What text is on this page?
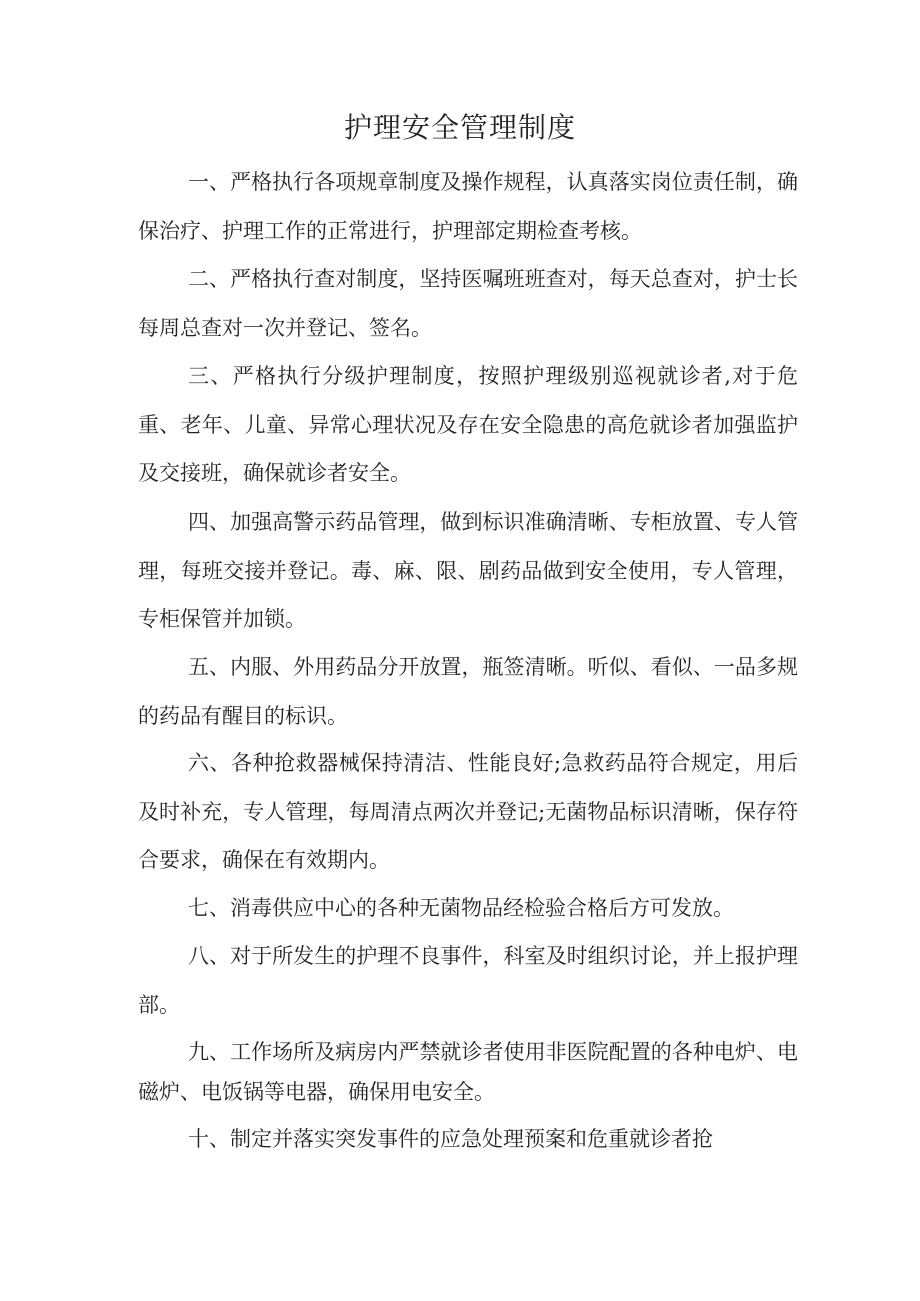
护理安全管理制度

一、严格执行各项规章制度及操作规程，认真落实岗位责任制，确保治疗、护理工作的正常进行，护理部定期检查考核。

二、严格执行查对制度，坚持医嘱班班查对，每天总查对，护士长每周总查对一次并登记、签名。

三、严格执行分级护理制度，按照护理级别巡视就诊者,对于危重、老年、儿童、异常心理状况及存在安全隐患的高危就诊者加强监护及交接班，确保就诊者安全。

四、加强高警示药品管理，做到标识准确清晰、专柜放置、专人管理，每班交接并登记。毒、麻、限、剧药品做到安全使用，专人管理，专柜保管并加锁。

五、内服、外用药品分开放置，瓶签清晰。听似、看似、一品多规的药品有醒目的标识。

六、各种抢救器械保持清洁、性能良好;急救药品符合规定，用后及时补充，专人管理，每周清点两次并登记;无菌物品标识清晰，保存符合要求，确保在有效期内。

七、消毒供应中心的各种无菌物品经检验合格后方可发放。

八、对于所发生的护理不良事件，科室及时组织讨论，并上报护理部。

九、工作场所及病房内严禁就诊者使用非医院配置的各种电炉、电磁炉、电饭锅等电器，确保用电安全。

十、制定并落实突发事件的应急处理预案和危重就诊者抢
